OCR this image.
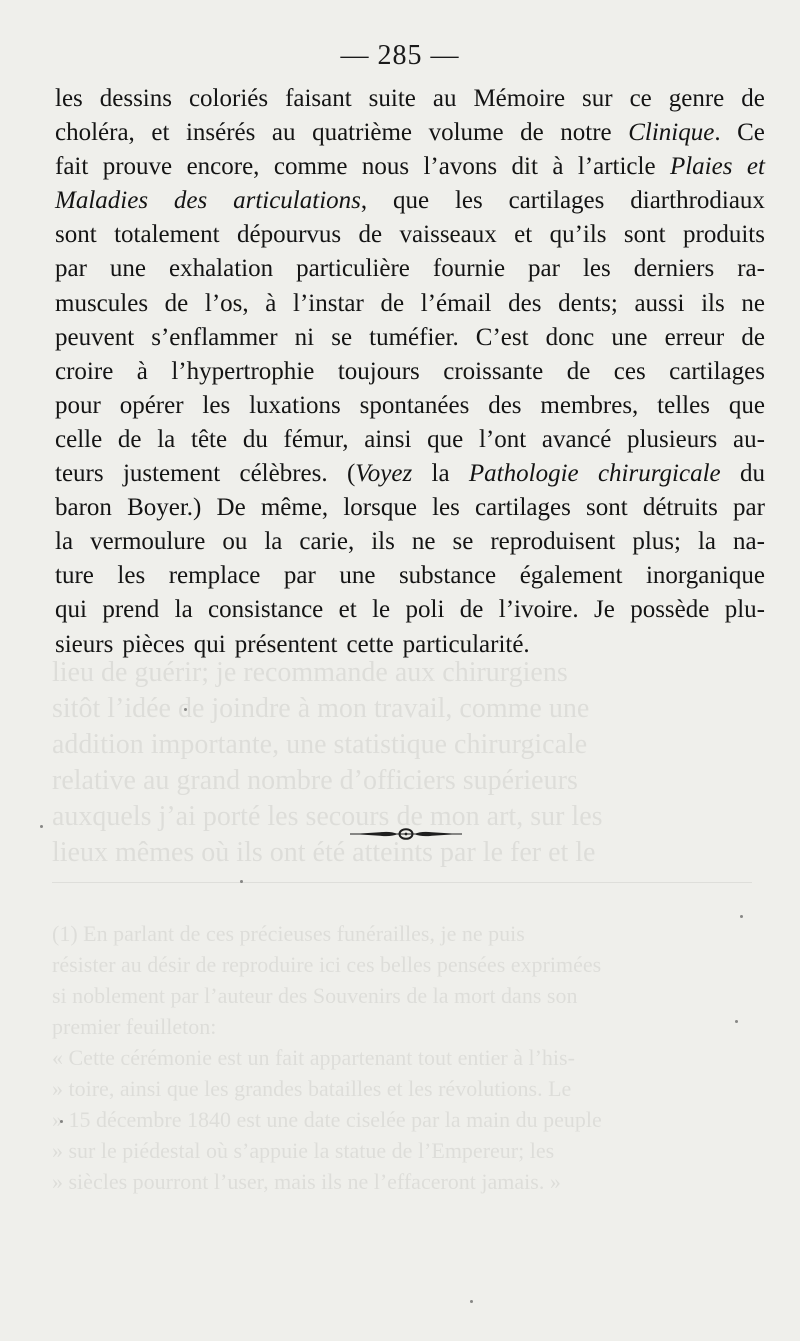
lieu de guérir; je recommande aux chirurgiens
sitôt l’idée de joindre à mon travail, comme une
addition importante, une statistique chirurgicale
relative au grand nombre d’officiers supérieurs
auxquels j’ai porté les secours de mon art, sur les
lieux mêmes où ils ont été atteints par le fer et le
(1) En parlant de ces précieuses funérailles, je ne puis
résister au désir de reproduire ici ces belles pensées exprimées
si noblement par l’auteur des Souvenirs de la mort dans son
premier feuilleton:
« Cette cérémonie est un fait appartenant tout entier à l’his-
» toire, ainsi que les grandes batailles et les révolutions. Le
» 15 décembre 1840 est une date ciselée par la main du peuple
» sur le piédestal où s’appuie la statue de l’Empereur; les
» siècles pourront l’user, mais ils ne l’effaceront jamais. »
— 285 —
les dessins coloriés faisant suite au Mémoire sur ce genre de
choléra, et insérés au quatrième volume de notre Clinique. Ce
fait prouve encore, comme nous l’avons dit à l’article Plaies et
Maladies des articulations, que les cartilages diarthrodiaux
sont totalement dépourvus de vaisseaux et qu’ils sont produits
par une exhalation particulière fournie par les derniers ra-
muscules de l’os, à l’instar de l’émail des dents; aussi ils ne
peuvent s’enflammer ni se tuméfier. C’est donc une erreur de
croire à l’hypertrophie toujours croissante de ces cartilages
pour opérer les luxations spontanées des membres, telles que
celle de la tête du fémur, ainsi que l’ont avancé plusieurs au-
teurs justement célèbres. (Voyez la Pathologie chirurgicale du
baron Boyer.) De même, lorsque les cartilages sont détruits par
la vermoulure ou la carie, ils ne se reproduisent plus; la na-
ture les remplace par une substance également inorganique
qui prend la consistance et le poli de l’ivoire. Je possède plu-
sieurs pièces qui présentent cette particularité.
